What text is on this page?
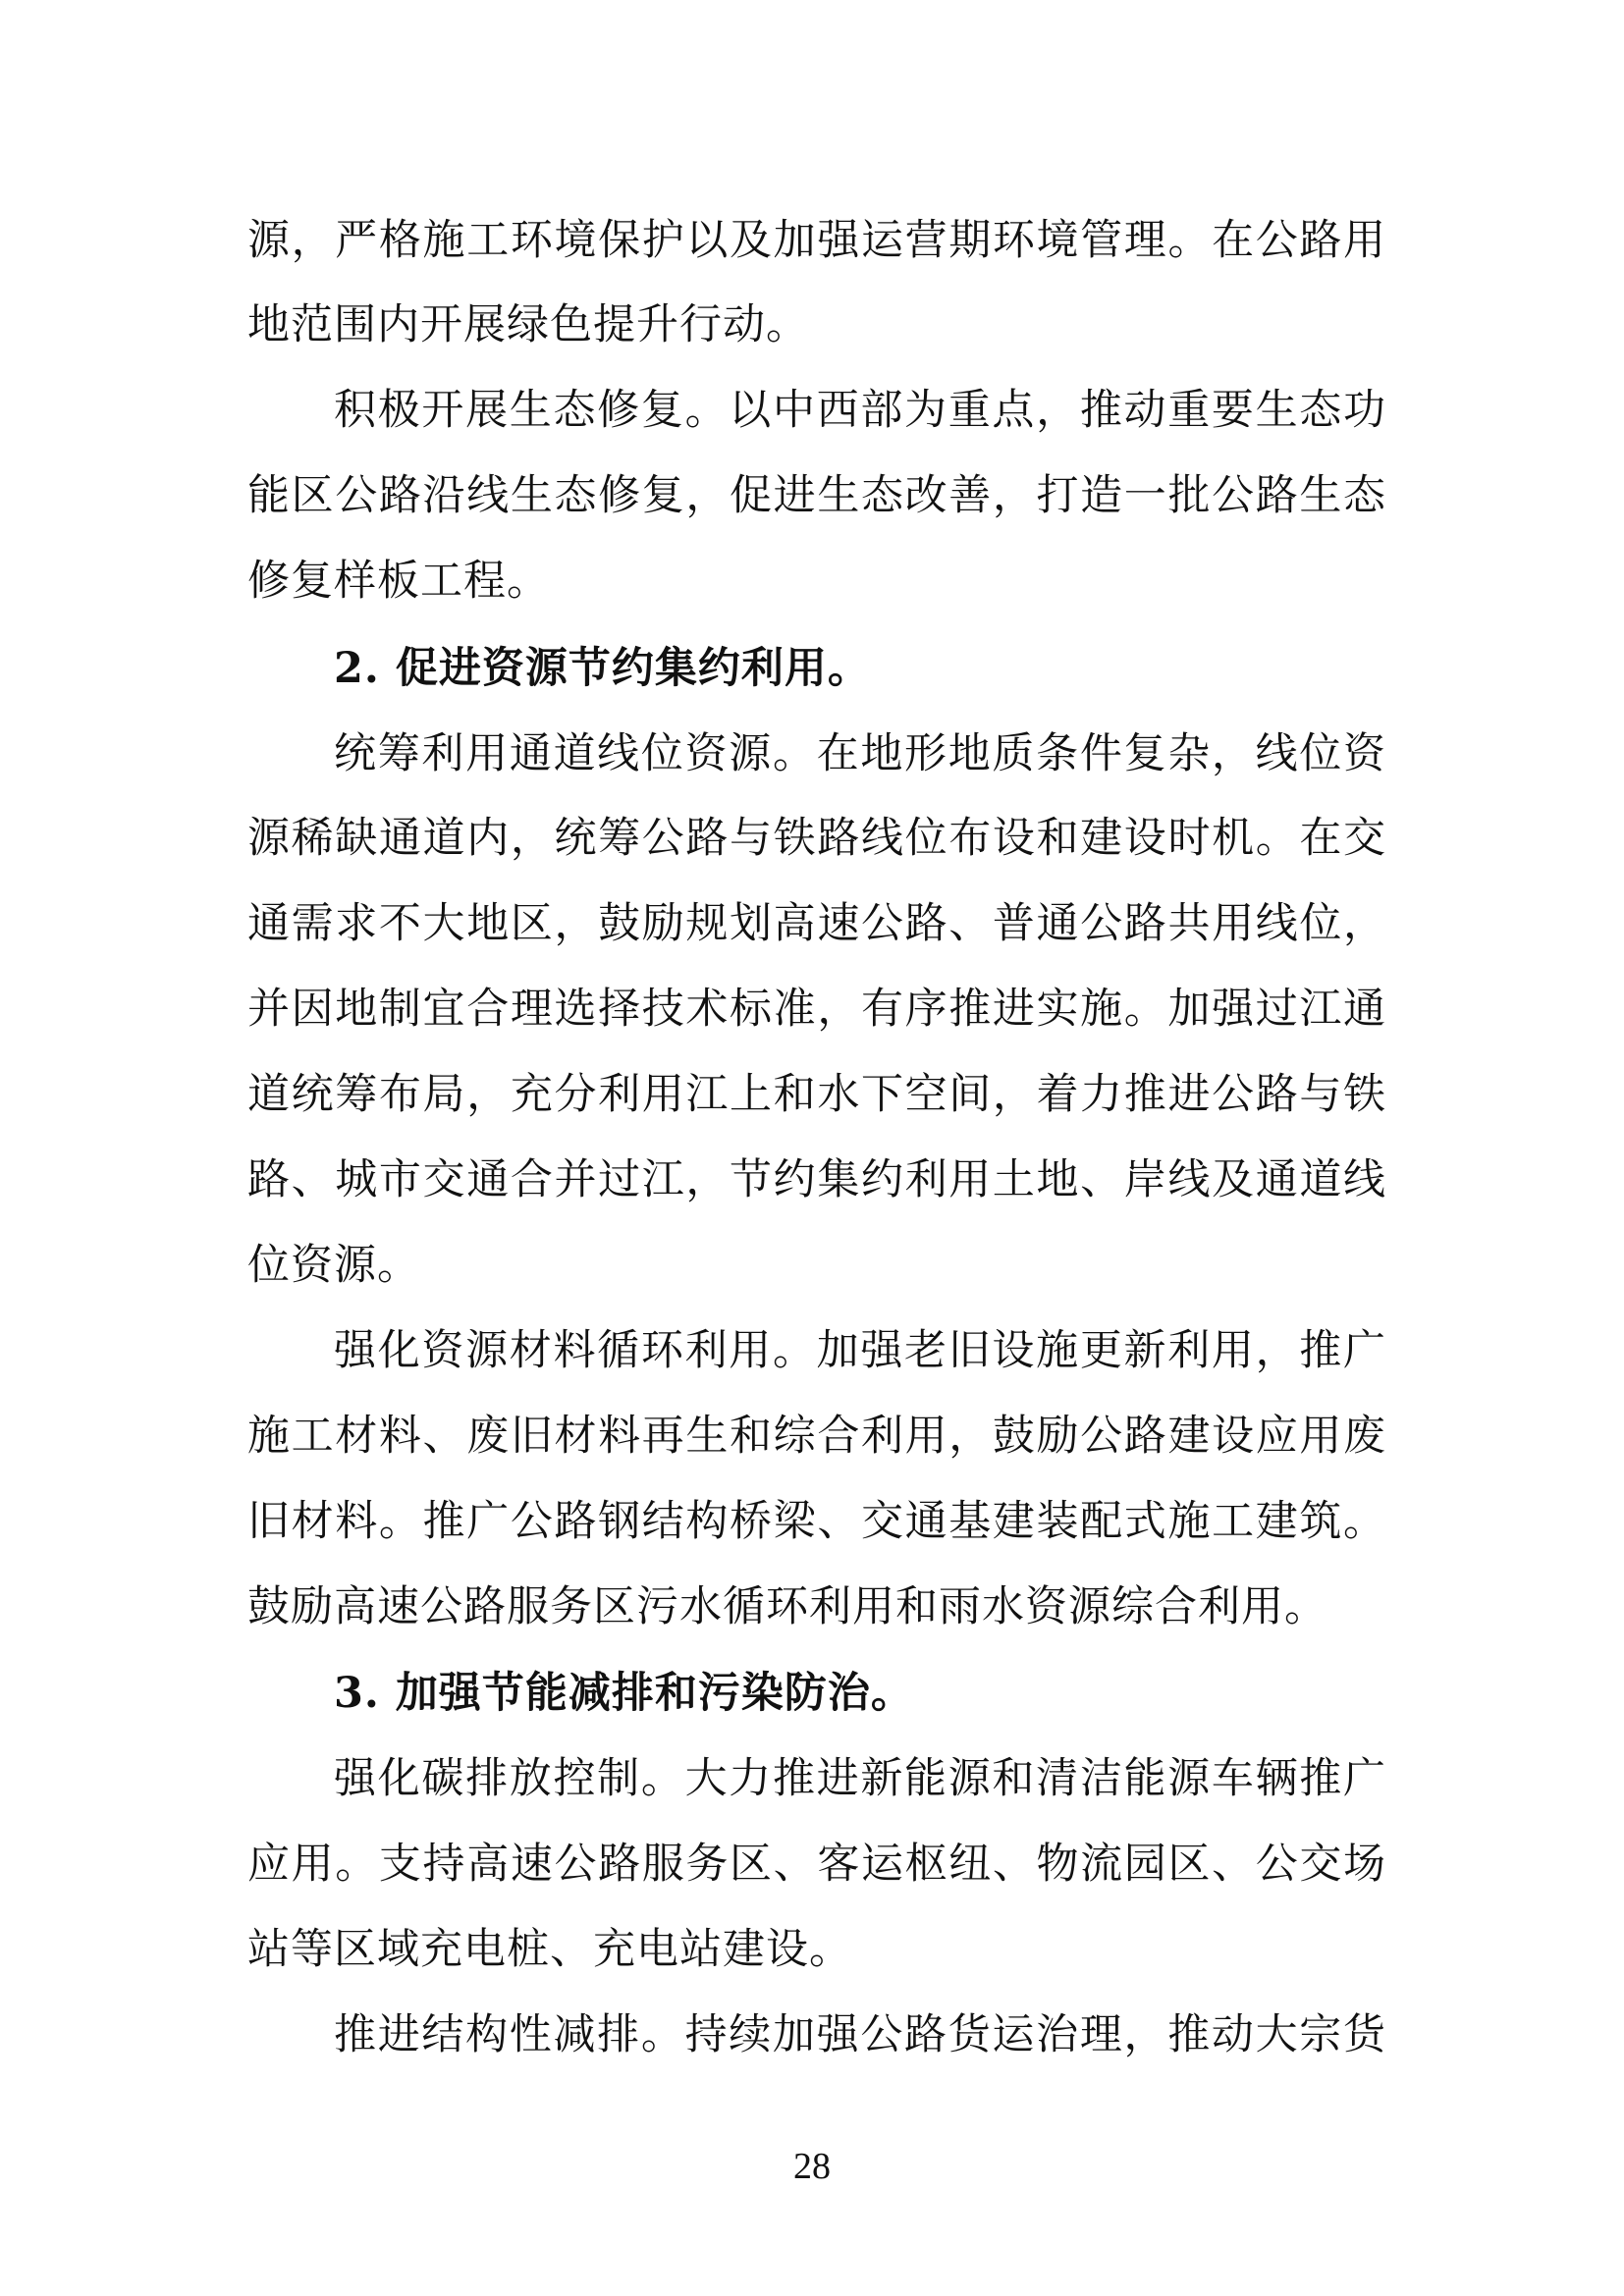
源，严格施工环境保护以及加强运营期环境管理。在公路用
地范围内开展绿色提升行动。
积极开展生态修复。以中西部为重点，推动重要生态功
能区公路沿线生态修复，促进生态改善，打造一批公路生态
修复样板工程。
2. 促进资源节约集约利用。
统筹利用通道线位资源。在地形地质条件复杂，线位资
源稀缺通道内，统筹公路与铁路线位布设和建设时机。在交
通需求不大地区，鼓励规划高速公路、普通公路共用线位，
并因地制宜合理选择技术标准，有序推进实施。加强过江通
道统筹布局，充分利用江上和水下空间，着力推进公路与铁
路、城市交通合并过江，节约集约利用土地、岸线及通道线
位资源。
强化资源材料循环利用。加强老旧设施更新利用，推广
施工材料、废旧材料再生和综合利用，鼓励公路建设应用废
旧材料。推广公路钢结构桥梁、交通基建装配式施工建筑。
鼓励高速公路服务区污水循环利用和雨水资源综合利用。
3. 加强节能减排和污染防治。
强化碳排放控制。大力推进新能源和清洁能源车辆推广
应用。支持高速公路服务区、客运枢纽、物流园区、公交场
站等区域充电桩、充电站建设。
推进结构性减排。持续加强公路货运治理，推动大宗货
28
